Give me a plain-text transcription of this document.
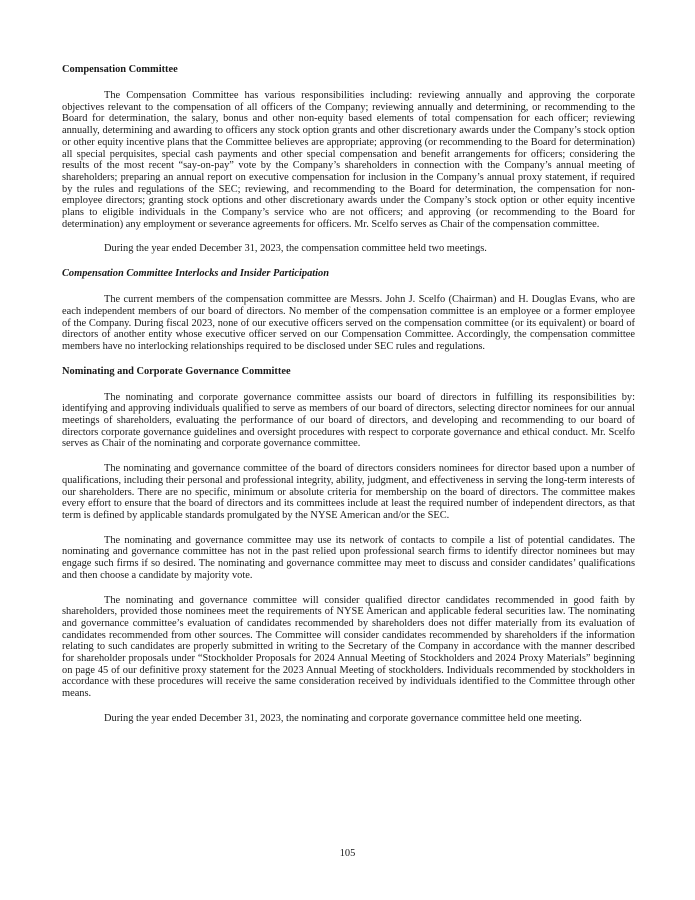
Compensation Committee

The Compensation Committee has various responsibilities including: reviewing annually and approving the corporate objectives relevant to the compensation of all officers of the Company; reviewing annually and determining, or recommending to the Board for determination, the salary, bonus and other non-equity based elements of total compensation for each officer; reviewing annually, determining and awarding to officers any stock option grants and other discretionary awards under the Company’s stock option or other equity incentive plans that the Committee believes are appropriate; approving (or recommending to the Board for determination) all special perquisites, special cash payments and other special compensation and benefit arrangements for officers; considering the results of the most recent “say-on-pay” vote by the Company’s shareholders in connection with the Company’s annual meeting of shareholders; preparing an annual report on executive compensation for inclusion in the Company’s annual proxy statement, if required by the rules and regulations of the SEC; reviewing, and recommending to the Board for determination, the compensation for non-employee directors; granting stock options and other discretionary awards under the Company’s stock option or other equity incentive plans to eligible individuals in the Company’s service who are not officers; and approving (or recommending to the Board for determination) any employment or severance agreements for officers. Mr. Scelfo serves as Chair of the compensation committee.

During the year ended December 31, 2023, the compensation committee held two meetings.

Compensation Committee Interlocks and Insider Participation

The current members of the compensation committee are Messrs. John J. Scelfo (Chairman) and H. Douglas Evans, who are each independent members of our board of directors. No member of the compensation committee is an employee or a former employee of the Company. During fiscal 2023, none of our executive officers served on the compensation committee (or its equivalent) or board of directors of another entity whose executive officer served on our Compensation Committee. Accordingly, the compensation committee members have no interlocking relationships required to be disclosed under SEC rules and regulations.

Nominating and Corporate Governance Committee

The nominating and corporate governance committee assists our board of directors in fulfilling its responsibilities by: identifying and approving individuals qualified to serve as members of our board of directors, selecting director nominees for our annual meetings of shareholders, evaluating the performance of our board of directors, and developing and recommending to our board of directors corporate governance guidelines and oversight procedures with respect to corporate governance and ethical conduct. Mr. Scelfo serves as Chair of the nominating and corporate governance committee.

The nominating and governance committee of the board of directors considers nominees for director based upon a number of qualifications, including their personal and professional integrity, ability, judgment, and effectiveness in serving the long-term interests of our shareholders. There are no specific, minimum or absolute criteria for membership on the board of directors. The committee makes every effort to ensure that the board of directors and its committees include at least the required number of independent directors, as that term is defined by applicable standards promulgated by the NYSE American and/or the SEC.

The nominating and governance committee may use its network of contacts to compile a list of potential candidates. The nominating and governance committee has not in the past relied upon professional search firms to identify director nominees but may engage such firms if so desired. The nominating and governance committee may meet to discuss and consider candidates’ qualifications and then choose a candidate by majority vote.

The nominating and governance committee will consider qualified director candidates recommended in good faith by shareholders, provided those nominees meet the requirements of NYSE American and applicable federal securities law. The nominating and governance committee’s evaluation of candidates recommended by shareholders does not differ materially from its evaluation of candidates recommended from other sources. The Committee will consider candidates recommended by shareholders if the information relating to such candidates are properly submitted in writing to the Secretary of the Company in accordance with the manner described for shareholder proposals under “Stockholder Proposals for 2024 Annual Meeting of Stockholders and 2024 Proxy Materials” beginning on page 45 of our definitive proxy statement for the 2023 Annual Meeting of stockholders. Individuals recommended by stockholders in accordance with these procedures will receive the same consideration received by individuals identified to the Committee through other means.

During the year ended December 31, 2023, the nominating and corporate governance committee held one meeting.

105
